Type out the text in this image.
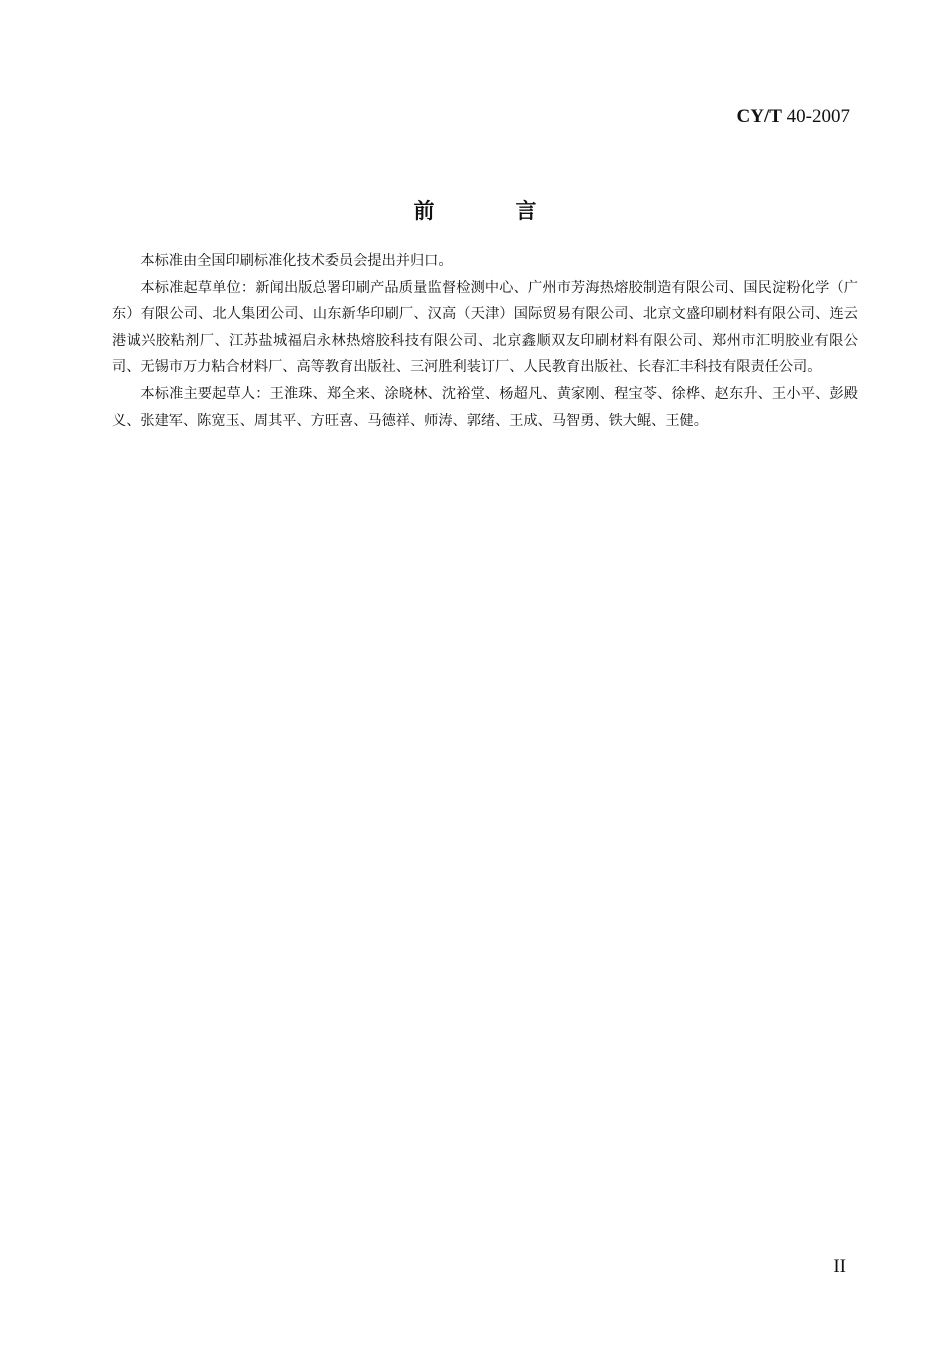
CY/T 40-2007
前　言

本标准由全国印刷标准化技术委员会提出并归口。

本标准起草单位：新闻出版总署印刷产品质量监督检测中心、广州市芳海热熔胶制造有限公司、国民淀粉化学（广东）有限公司、北人集团公司、山东新华印刷厂、汉高（天津）国际贸易有限公司、北京文盛印刷材料有限公司、连云港诚兴胶粘剂厂、江苏盐城福启永林热熔胶科技有限公司、北京鑫顺双友印刷材料有限公司、郑州市汇明胶业有限公司、无锡市万力粘合材料厂、高等教育出版社、三河胜利装订厂、人民教育出版社、长春汇丰科技有限责任公司。

本标准主要起草人：王淮珠、郑全来、涂晓林、沈裕堂、杨超凡、黄家刚、程宝苓、徐桦、赵东升、王小平、彭殿义、张建军、陈宽玉、周其平、方旺喜、马德祥、师涛、郭绪、王成、马智勇、铁大鲲、王健。

II
